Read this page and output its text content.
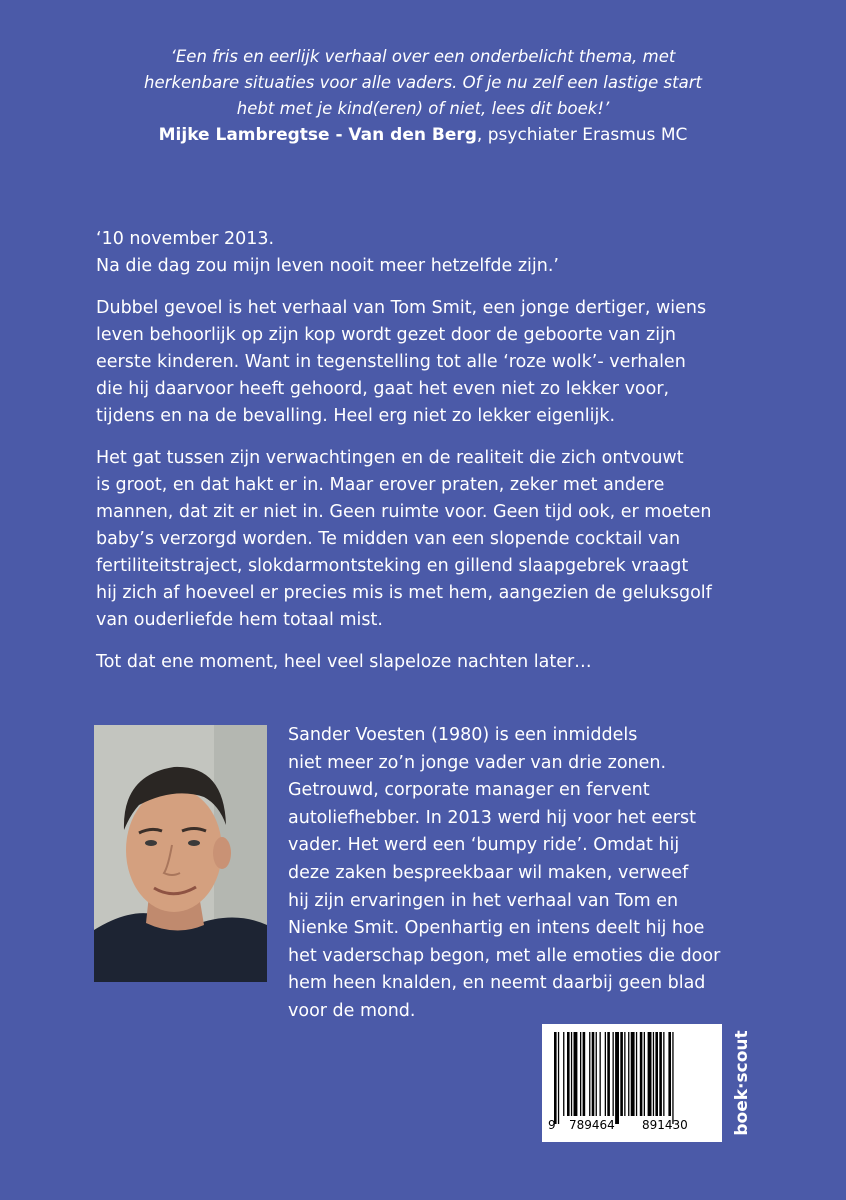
‘Een fris en eerlijk verhaal over een onderbelicht thema, met
herkenbare situaties voor alle vaders. Of je nu zelf een lastige start
hebt met je kind(eren) of niet, lees dit boek!’
Mijke Lambregtse - Van den Berg, psychiater Erasmus MC

‘10 november 2013.
Na die dag zou mijn leven nooit meer hetzelfde zijn.’

Dubbel gevoel is het verhaal van Tom Smit, een jonge dertiger, wiens
leven behoorlijk op zijn kop wordt gezet door de geboorte van zijn
eerste kinderen. Want in tegenstelling tot alle ‘roze wolk’- verhalen
die hij daarvoor heeft gehoord, gaat het even niet zo lekker voor,
tijdens en na de bevalling. Heel erg niet zo lekker eigenlijk.

Het gat tussen zijn verwachtingen en de realiteit die zich ontvouwt
is groot, en dat hakt er in. Maar erover praten, zeker met andere
mannen, dat zit er niet in. Geen ruimte voor. Geen tijd ook, er moeten
baby’s verzorgd worden. Te midden van een slopende cocktail van
fertiliteitstraject, slokdarmontsteking en gillend slaapgebrek vraagt
hij zich af hoeveel er precies mis is met hem, aangezien de geluksgolf
van ouderliefde hem totaal mist.

Tot dat ene moment, heel veel slapeloze nachten later…

Sander Voesten (1980) is een inmiddels
niet meer zo’n jonge vader van drie zonen.
Getrouwd, corporate manager en fervent
autoliefhebber. In 2013 werd hij voor het eerst
vader. Het werd een ‘bumpy ride’. Omdat hij
deze zaken bespreekbaar wil maken, verweef
hij zijn ervaringen in het verhaal van Tom en
Nienke Smit. Openhartig en intens deelt hij hoe
het vaderschap begon, met alle emoties die door
hem heen knalden, en neemt daarbij geen blad
voor de mond.
9 789464 891430	boek·scout
